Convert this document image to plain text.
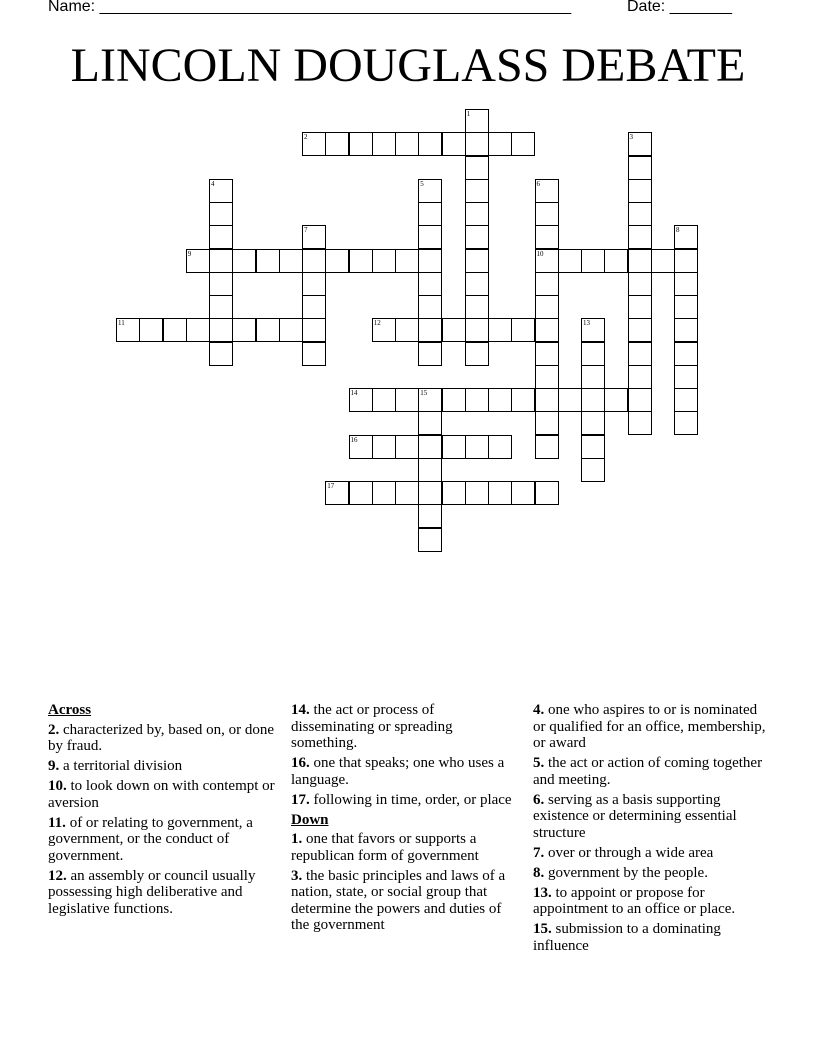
Name: _____________________________________________________	Date: _______
LINCOLN DOUGLASS DEBATE
1
2	3
4	5	6
7	8
9	10
11	12	13
14	15
16
17
Across
2. characterized by, based on, or done by fraud.
9. a territorial division
10. to look down on with contempt or aversion
11. of or relating to government, a government, or the conduct of government.
12. an assembly or council usually possessing high deliberative and legislative functions.
14. the act or process of disseminating or spreading something.
16. one that speaks; one who uses a language.
17. following in time, order, or place
Down
1. one that favors or supports a republican form of government
3. the basic principles and laws of a nation, state, or social group that determine the powers and duties of the government
4. one who aspires to or is nominated or qualified for an office, membership, or award
5. the act or action of coming together and meeting.
6. serving as a basis supporting existence or determining essential structure
7. over or through a wide area
8. government by the people.
13. to appoint or propose for appointment to an office or place.
15. submission to a dominating influence
